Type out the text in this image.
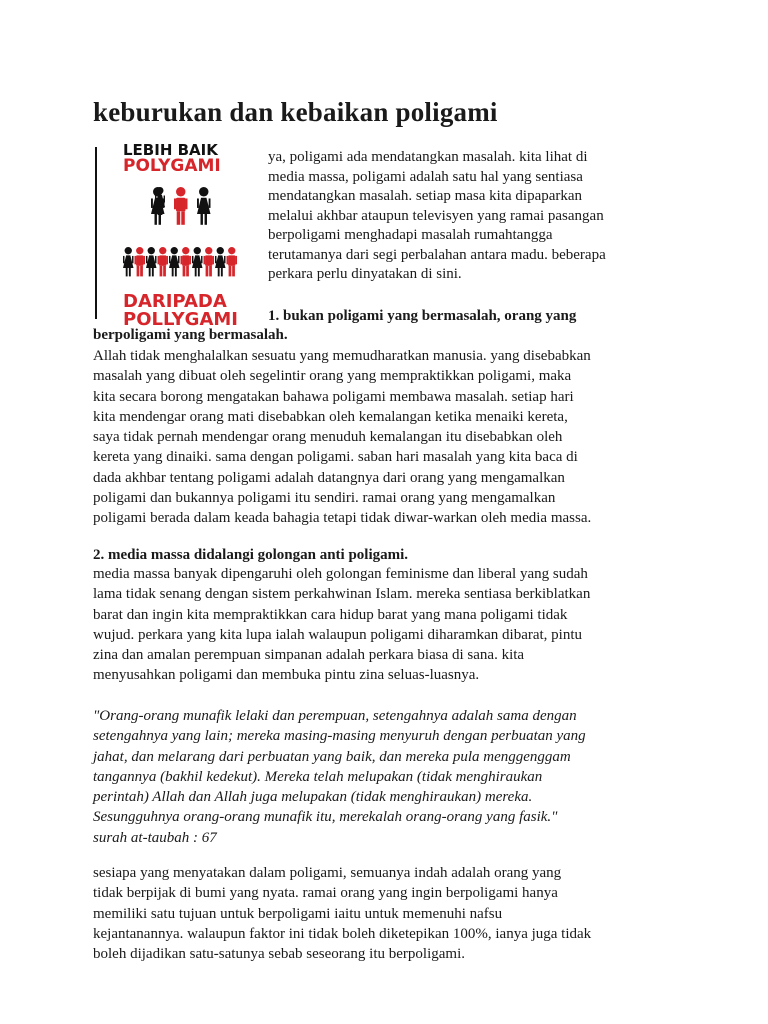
keburukan dan kebaikan poligami
LEBIH BAIK
POLYGAMI
DARIPADA
POLLYGAMI

ya, poligami ada mendatangkan masalah. kita lihat di
media massa, poligami adalah satu hal yang sentiasa
mendatangkan masalah. setiap masa kita dipaparkan
melalui akhbar ataupun televisyen yang ramai pasangan
berpoligami menghadapi masalah rumahtangga
terutamanya dari segi perbalahan antara madu. beberapa
perkara perlu dinyatakan di sini.

1. bukan poligami yang bermasalah, orang yang

berpoligami yang bermasalah.

Allah tidak menghalalkan sesuatu yang memudharatkan manusia. yang disebabkan
masalah yang dibuat oleh segelintir orang yang mempraktikkan poligami, maka
kita secara borong mengatakan bahawa poligami membawa masalah. setiap hari
kita mendengar orang mati disebabkan oleh kemalangan ketika menaiki kereta,
saya tidak pernah mendengar orang menuduh kemalangan itu disebabkan oleh
kereta yang dinaiki. sama dengan poligami. saban hari masalah yang kita baca di
dada akhbar tentang poligami adalah datangnya dari orang yang mengamalkan
poligami dan bukannya poligami itu sendiri. ramai orang yang mengamalkan
poligami berada dalam keada bahagia tetapi tidak diwar-warkan oleh media massa.

2. media massa didalangi golongan anti poligami.

media massa banyak dipengaruhi oleh golongan feminisme dan liberal yang sudah
lama tidak senang dengan sistem perkahwinan Islam. mereka sentiasa berkiblatkan
barat dan ingin kita mempraktikkan cara hidup barat yang mana poligami tidak
wujud. perkara yang kita lupa ialah walaupun poligami diharamkan dibarat, pintu
zina dan amalan perempuan simpanan adalah perkara biasa di sana. kita
menyusahkan poligami dan membuka pintu zina seluas-luasnya.

"Orang-orang munafik lelaki dan perempuan, setengahnya adalah sama dengan
setengahnya yang lain; mereka masing-masing menyuruh dengan perbuatan yang
jahat, dan melarang dari perbuatan yang baik, dan mereka pula menggenggam
tangannya (bakhil kedekut). Mereka telah melupakan (tidak menghiraukan
perintah) Allah dan Allah juga melupakan (tidak menghiraukan) mereka.
Sesungguhnya orang-orang munafik itu, merekalah orang-orang yang fasik."
surah at-taubah : 67

sesiapa yang menyatakan dalam poligami, semuanya indah adalah orang yang
tidak berpijak di bumi yang nyata. ramai orang yang ingin berpoligami hanya
memiliki satu tujuan untuk berpoligami iaitu untuk memenuhi nafsu
kejantanannya. walaupun faktor ini tidak boleh diketepikan 100%, ianya juga tidak
boleh dijadikan satu-satunya sebab seseorang itu berpoligami.
